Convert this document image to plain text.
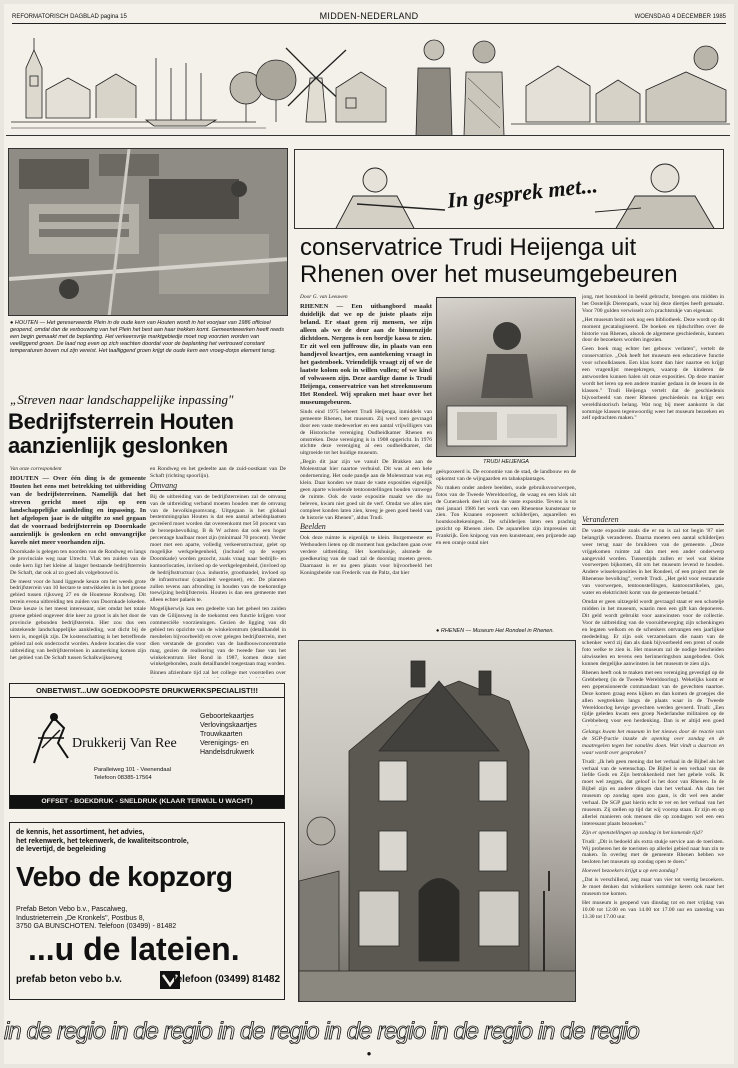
REFORMATORISCH DAGBLAD pagina 15	MIDDEN-NEDERLAND	WOENSDAG 4 DECEMBER 1985
● HOUTEN — Het gereserveerde Plein in de oude kern van Houten wordt in het voorjaar van 1986 officieel geopend, omdat dan de verbouwing van het Plein het best aan haar trekken komt. Gemeentewerken heeft reeds een begin gemaakt met de beplanting. Het verkeersvrije marktgebiedje moet nog voorzien worden van veelliggend groen. De laad nog even op zich wachten doordat voor de beplanting het vertrouwd constant temperaturen boven nul zijn vereist. Het taalliggend groen krijgt de oude kern een vroeg-dorps element terug.
„Streven naar landschappelijke inpassing"
Bedrijfsterrein Houten aanzienlijk geslonken
Van onze correspondent

HOUTEN — Over één ding is de gemeente Houten het eens met betrekking tot uitbreiding van de bedrijfsterreinen. Namelijk dat het streven gericht moet zijn op een landschappelijke aankleding en inpassing. In het afgelopen jaar is de uitgifte zo snel gegaan dat de voorraad bedrijfsterrein op Doornkade aanzienlijk is geslonken en echt omvangrijke kavels niet meer voorhanden zijn.

Doornkade is gelegen ten noorden van de Rondweg en langs de provinciale weg naar Utrecht. Vlak ten zuiden van de oude kern ligt het kleine al langer bestaande bedrijfsterrein De Schaft, dat ook al zo goed als volgebouwd is.

De meest voor de hand liggende keuze om het weeds grote bedrijfsterrein van 10 hectare te ontwikkelen is in het groene gebied tussen rijksweg 27 en de Houtense Rondweg. Dit terrein evena uitbreiding ten zuiden van Doornkade lokeden. Deze keuze is het meest interessant, niet omdat het totale groene gebied ongeveer drie keer zo groot is als het door de provincie gebonden bedrijfsterrein. Hier zou dus een uitstekende landschappelijke aankleding, wat dicht bij de kern is, mogelijk zijn. De kostenschatting is het betreffende gebied zal ook onderzocht worden. Andere locaties die voor uitbreiding van bedrijfsterreinen in aanmerking komen zijn het gebied van De Schaft tussen Schalkwijkseweg

en Rondweg en het gedeelte aan de zuid-oostkant van De Schaft (richting spoorlijn).

Omvang

Bij de uitbreiding van de bedrijfsterreinen zal de omvang van de uitbreiding verband moeten houden met de omvang van de bevolkingsomvang. Uitgegaan is het globaal bestemmingsplan Houten is dat een aantal arbeidsplaatsen gecreëerd moet worden dat overeenkomt met 50 procent van de beroepsbevolking. B & W achten dat ook een hoger percentage haalbaar moet zijn (minimaal 70 procent). Verder moet met een aparte, volledig verkeersstructuur, gelet op mogelijke werkgelegenheid, (inclusief op de wegen Doornkade) worden gezocht, zoals vraag naar bedrijfs- en kantoorlocaties, invloed op de werkgelegenheid, (invloed op de bedrijfsstructuur (o.a. industrie, groothandel, invloed op de infrastructuur (capaciteit wegennet), etc. De plannen zullen tevens aan afronding in houden van de toekomstige toewijzing bedrijfsterrein. Houten is dan een gemeente met alleen echter palaeis te.

Mogelijkerwijs kan een gedeelte van het geheel ten zuiden van de Gilijnsweg in de toekomst een functie krijgen voor commerciële voorzieningen. Gezien de ligging van dit gebied ten opzichte van de winkelcentrum (detailhandel in meubelen bijvoorbeeld) en over gelegen bedrijfsterrein, met dien verstande de gronden van de landbouwconcentratie mag, gezien de realisering van de tweede fase van het winkelcentrum Het Rond in 1987, komen deze niet winkelgebonden, zoals detailhandel toegestaan mag worden.

Binnen afzienbare tijd zal het college met voorstellen over

ONBETWIST...UW GOEDKOOPSTE DRUKWERKSPECIALIST!!!
Drukkerij Van Ree
Paralleiweg 101 - Veenendaal
Telefoon 08385-17564
Geboortekaartjes
Verlovingskaartjes
Trouwkaarten
Verenigings- en
Handelsdrukwerk
OFFSET - BOEKDRUK - SNELDRUK (KLAAR TERWIJL U WACHT)
de kennis, het assortiment, het advies,
het rekenwerk, het tekenwerk, de kwaliteitscontrole,
de levertijd, de begeleiding
Vebo de kopzorg
Prefab Beton Vebo b.v., Pascalweg,
Industrieterrein „De Kronkels", Postbus 8,
3750 GA BUNSCHOTEN. Telefoon (03499) - 81482
...u de lateien.
prefab beton vebo b.v.	telefoon (03499) 81482
In gesprek met...
conservatrice Trudi Heijenga uit Rhenen over het museumgebeuren
TRUDI HEIJENGA
Door G. van Leeuwen

RHENEN — Een uithangbord maakt duidelijk dat we op de juiste plaats zijn beland. Er staat geen rij mensen, we zijn alleen als we de deur aan de binnenzijde dichtdoen. Nergens is een bordje kassa te zien. Er zit wel een juffrouw die, in plaats van een handjevol kwartjes, een aantekening vraagt in het gastenboek. Vriendelijk vraagt zij of we de laatste kolom ook in willen vullen; of we kind of volwassen zijn. Deze aardige dame is Trudi Heijenga, conservatrice van het streekmuseum Het Rondeel. Wij spraken met haar over het museumgebeuren.

Sinds eind 1975 beheert Trudi Heijenga, inmiddels van gemeente Rhenen, het museum. Zij werd toen gevraagd door een vaste medewerker en een aantal vrijwilligers van de Historische vereniging Oudheidkamer Rhenen en omstreken. Deze vereniging is in 1908 opgericht. In 1976 stichtte deze vereniging al een oudheidkamer, dat uitgroeide tot het huidige museum.

„Begin dit jaar zijn we vanuit De Brakken aan de Molenstraat hier naartoe verhuisd. Dit was al een hele onderneming. Het oude pandje aan de Molenstraat was erg klein. Daar konden we maar de vaste exposities eigenlijk geen aparte wisselende tentoonstellingen houden vanwege de ruimte. Ook de vaste expositie maakt we die nu beleven, kwam niet goed uit de verf. Omdat we alles niet compleet konden laten zien, kreeg je geen goed beeld van de historie van Rhenen", aldus Trudi.

Beelden

Ook deze ruimte is eigenlijk te klein. Burgemeester en Wethouders lieten op dit moment hun gedachten gaan over verdere uitbreiding. Het koetshuisje, alsmede de goedkeuring van de raad zal de doorslag moeten geven. Daarnaast is er nu geen plaats voor bijvoorbeeld het Koningsbeide van Frederik van de Paltz, dat hier

geëxpoxeerd is. De economie van de stad, de landbouw en de opkomst van de wijngaarden en tabaksplantages.

Nu maken onder andere beelden, oude gebruiksvoorwerpen, fotos van de Tweede Wereldoorlog, de waag en een klok uit de Cunerakerk deel uit van de vaste expositie. Tevens is tot mei januari 1986 het werk van een Rhenense kunstenaar te zien. Ton Kraanen exposeert schilderijen, aquarellen en houtskooltekeningen. De schilderijen laten een prachtig gezicht op Rhenen zien. De aquarellen zijn impressies uit Frankrijk. Een knipoog van een kunstenaar, een prijzende aap en een oranje outal niet

● RHENEN — Museum Het Rondeel in Rhenen.

jong, met houtskool in beeld gebracht, brengen ons midden in het Oostelijk Dierenpark, waar hij deze diertjes heeft gemaakt. Voor 700 gulden verwisselt zo'n prachtstukje van eigenaar.

„Het museum bezit ook nog een bibliotheek. Deze wordt op dit moment gecatalogiseerd. De boeken en tijdschriften over de historie van Rhenen, alsook de algemene geschiedenis, kunnen door de bezoekers worden ingezien.

Geen boek mag echter het gebouw verlaten", vertelt de conservatrice. „Ook heeft het museum een educatieve functie voor schoolklassen. Een klas komt dan hier naartoe en krijgt een vragenlijst meegekregen, waarop de kinderen de antwoorden kunnen halen uit onze exposities. Op deze manier wordt het leren op een andere manier gedaan in de lessen in de klassen." Trudi Heijenga vertelt dat de geschiedenis bijvoorbeeld van meer Rhenen geschiedenis nu krijgt een wereldhistorisch belang. Wat nog bij meer aankomt is dat sommige klassen tegenwoordig weer het museum bezoeken en zelf opdrachten maken."

Veranderen

De vaste expositie zoals die er nu is zal tot begin '87 niet belangrijk veranderen. Daarna moeten een aantal schilderijen weer terug naar de bruikleen van de gemeente. „Deze vrijgekomen ruimte zal dan met een ander onderwerp aangevuld worden. Tussentijds zullen er wel wat kleine voorwerpen bijkomen, dit om het museum levend te houden. Andere wisselexposities in het Rondeel, of een project met de Rhenense bevolking", vertelt Trudi. „Het geld voor restauratie van voorwerpen, tentoonstellingen, kantoorartikelen, gas, water en elektriciteit komt van de gemeente betaald."

Omdat er geen uitzegeld wordt gevraagd staat er een schotelje midden in het museum, waarin men een gift kan deponeren. Dit geld wordt gebruikt voor aanwinsten voor de collectie. Voor de uitbreiding van de vooruitbeweging zijn schenkingen en legaten welkom en de schenkers ontvangen een jaarlijkse mededeling. Er zijn ook verzamelaars die naam van de schenker werd zij dan als dank bijvoorbeeld een prent of oude foto welke te zien is. Het museum zal de nodige bescheiden uitwisselen en tevens een herinneringsbon aangeboden. Ook kunnen dergelijke aanwinsten in het museum te zien zijn.

Rhenen heeft ook te maken met een vereniging gevestigd op de Grebbeberg (in de Tweede Wereldoorlog). Wekelijks komt er een gepensioneerde commandant van de gevechten naartoe. Deze komen graag eens kijken en dan komen de groepjes die allen wegtrekken langs de plaats waar in de Tweede Wereldoorlog hevige gevechten werden gevoerd. Trudi: „Een tijdje geleden kwam een groep Nederlandse militairen op de Grebbeberg voor een herdenking. Dan is er altijd een goed

Gelangs kwam het museum in het nieuws door de reactie van de SGP-fractie inzake de opening over zondag en de maatregelen tegen het vanalles doen. Wat vindt u daarvan en waar wordt over gesproken?

Trudi: „Ik heb geen mening dat het verhaal in de Bijbel als het verhaal van de wetenschap. De Bijbel is een verhaal van de liefde Gods en Zijn betrokkenheid met het gehele volk. Ik moet wel zeggen, dat geloof is het door van Rhenen. In de Bijbel zijn en andere dingen dan het verhaal. Als dan het museum op zondag open zou gaan, is dit wel een ander verhaal. De SGP gaat hierin echt te ver en het verhaal van het museum. Zij stellen op tijd dat wij voorop staan. Er zijn en op allerlei manieren ook mensen die op zondagen wel een een interessant plaats bezoeken."

Zijn er openstellingen op zondag in het komende tijd?

Trudi: „Dit is bedoeld als extra stukje service aan de toeristen. Wij proberen het de toeristen op allerlei gebied naar hun zin te maken. In overleg met de gemeente Rhenen hebben we besloten het museum op zondag open te doen."

Hoeveel bezoekers krijgt u op een zondag?

„Dat is verschillend, zeg maar van vier tot veertig bezoekers. Je moet denken dat winkeliers sommige keren ook naar het museum toe komen.

Het museum is geopend van dinsdag tot en met vrijdag van 10.00 tot 12.00 en van 14.00 tot 17.00 uur en zaterdag van 13.30 tot 17.00 uur.

in de regio in de regio in de regio in de regio in de regio in de regio
●
